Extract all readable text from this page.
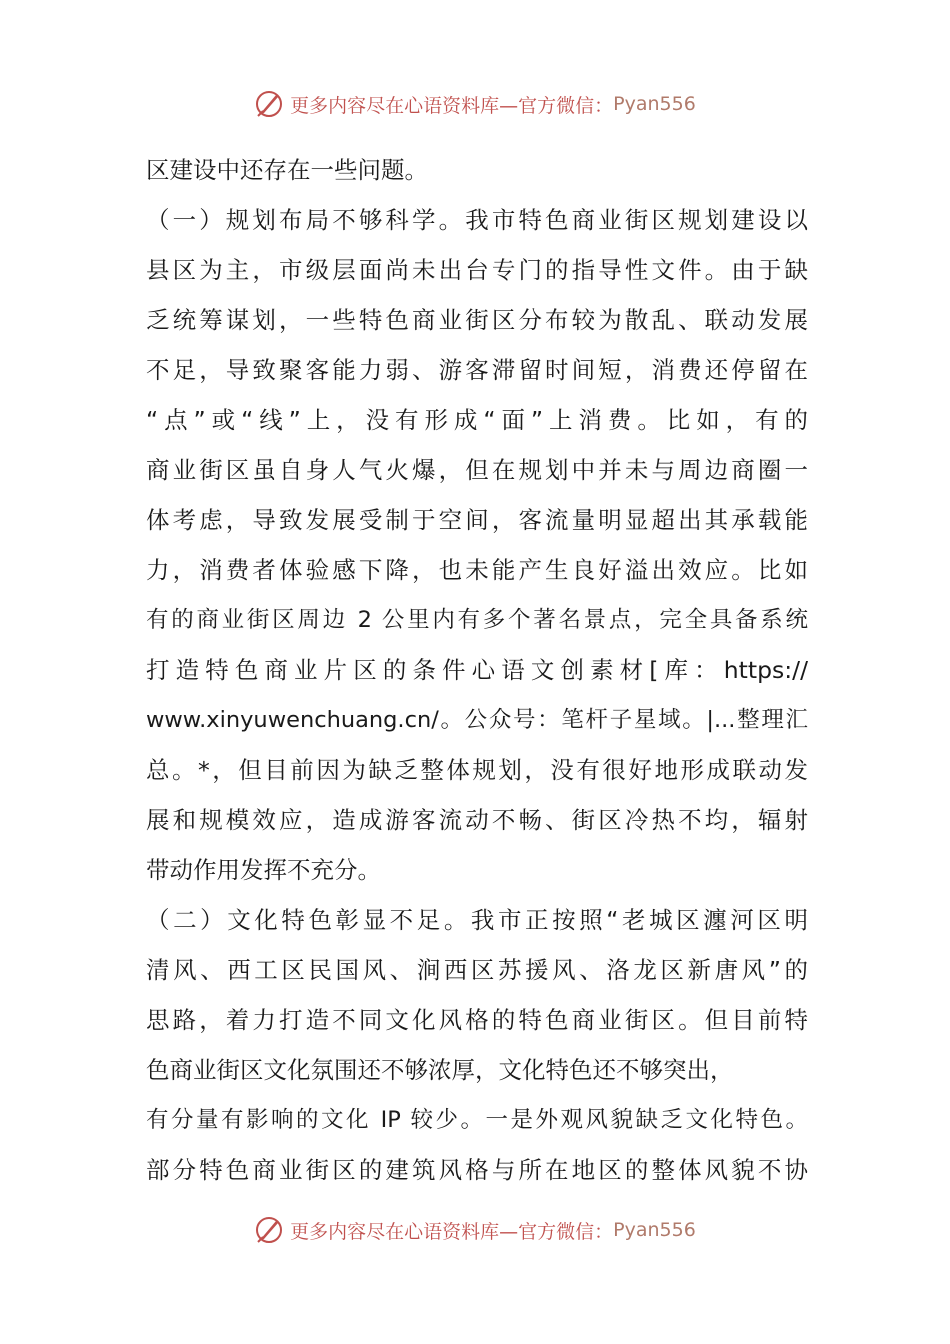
更多内容尽在心语资料库—官方微信： Pyan556
区建设中还存在一些问题。
（一）规划布局不够科学。我市特色商业街区规划建设以
县区为主，市级层面尚未出台专门的指导性文件。由于缺
乏统筹谋划，一些特色商业街区分布较为散乱、联动发展
不足，导致聚客能力弱、游客滞留时间短，消费还停留在
“点”或“线”上，没有形成“面”上消费。比如，有的
商业街区虽自身人气火爆，但在规划中并未与周边商圈一
体考虑，导致发展受制于空间，客流量明显超出其承载能
力，消费者体验感下降，也未能产生良好溢出效应。比如
有的商业街区周边 2 公里内有多个著名景点，完全具备系统
打造特色商业片区的条件心语文创素材[库：https://
www.xinyuwenchuang.cn/。公众号：笔杆子星域。|...整理汇
总。*，但目前因为缺乏整体规划，没有很好地形成联动发
展和规模效应，造成游客流动不畅、街区冷热不均，辐射
带动作用发挥不充分。
（二）文化特色彰显不足。我市正按照“老城区瀍河区明
清风、西工区民国风、涧西区苏援风、洛龙区新唐风”的
思路，着力打造不同文化风格的特色商业街区。但目前特
色商业街区文化氛围还不够浓厚，文化特色还不够突出，
有分量有影响的文化 IP 较少。一是外观风貌缺乏文化特色。
部分特色商业街区的建筑风格与所在地区的整体风貌不协
更多内容尽在心语资料库—官方微信： Pyan556
